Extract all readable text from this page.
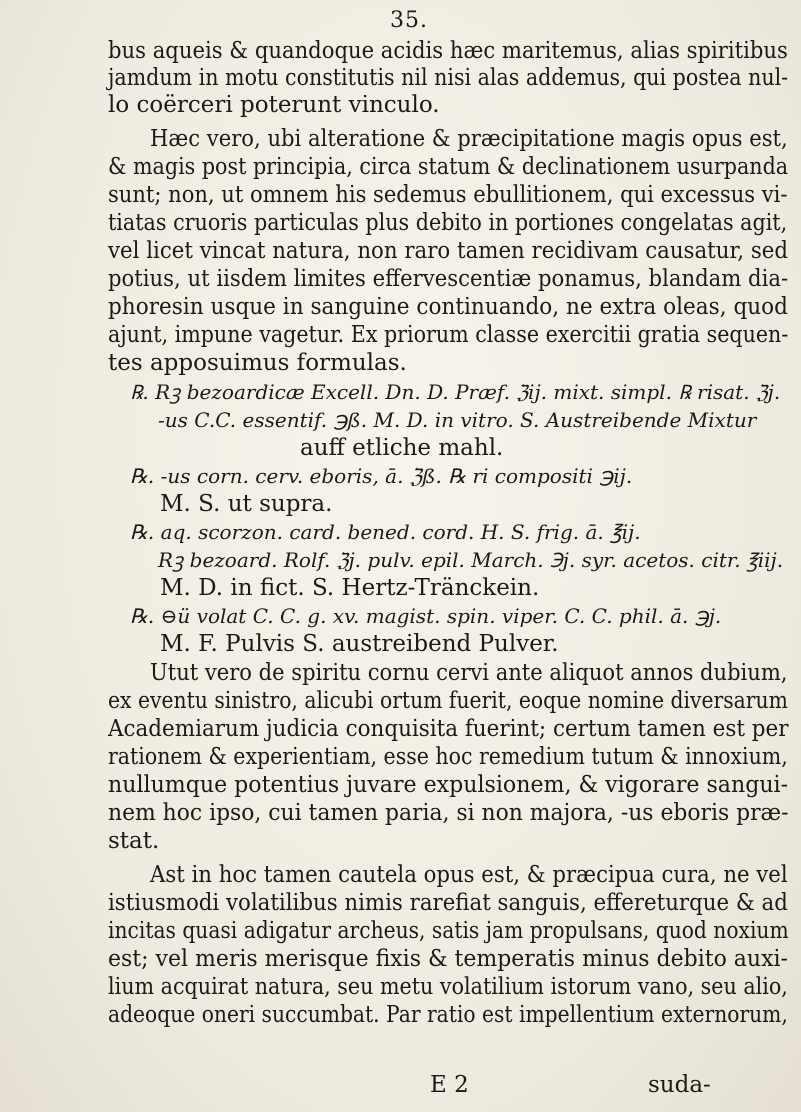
35.
bus aqueis & quandoque acidis hæc maritemus, alias spiritibus
jamdum in motu constitutis nil nisi alas addemus, qui postea nul-
lo coërceri poterunt vinculo.
Hæc vero, ubi alteratione & præcipitatione magis opus est,
& magis post principia, circa statum & declinationem usurpanda
sunt; non, ut omnem his sedemus ebullitionem, qui excessus vi-
tiatas cruoris particulas plus debito in portiones congelatas agit,
vel licet vincat natura, non raro tamen recidivam causatur, sed
potius, ut iisdem limites effervescentiæ ponamus, blandam dia-
phoresin usque in sanguine continuando, ne extra oleas, quod
ajunt, impune vagetur. Ex priorum classe exercitii gratia sequen-
tes apposuimus formulas.
℞. Rꝫ bezoardicæ Excell. Dn. D. Præf. ℨij. mixt. simpl. ℞ risat. ℨj.
-us C.C. essentif. ℈ß. M. D. in vitro. S. Austreibende Mixtur
auff etliche mahl.
℞. -us corn. cerv. eboris, ā. ℨß. ℞ ri compositi ℈ij.
M. S. ut supra.
℞. aq. scorzon. card. bened. cord. H. S. frig. ā. ℥ij.
Rꝫ bezoard. Rolf. ℨj. pulv. epil. March. ℈j. syr. acetos. citr. ℥iij.
M. D. in fict. S. Hertz-Tränckein.
℞. ⊖ü volat C. C. g. xv. magist. spin. viper. C. C. phil. ā. ℈j.
M. F. Pulvis S. austreibend Pulver.
Utut vero de spiritu cornu cervi ante aliquot annos dubium,
ex eventu sinistro, alicubi ortum fuerit, eoque nomine diversarum
Academiarum judicia conquisita fuerint; certum tamen est per
rationem & experientiam, esse hoc remedium tutum & innoxium,
nullumque potentius juvare expulsionem, & vigorare sangui-
nem hoc ipso, cui tamen paria, si non majora, -us eboris præ-
stat.
Ast in hoc tamen cautela opus est, & præcipua cura, ne vel
istiusmodi volatilibus nimis rarefiat sanguis, effereturque & ad
incitas quasi adigatur archeus, satis jam propulsans, quod noxium
est; vel meris merisque fixis & temperatis minus debito auxi-
lium acquirat natura, seu metu volatilium istorum vano, seu alio,
adeoque oneri succumbat. Par ratio est impellentium externorum,
E 2	suda-
